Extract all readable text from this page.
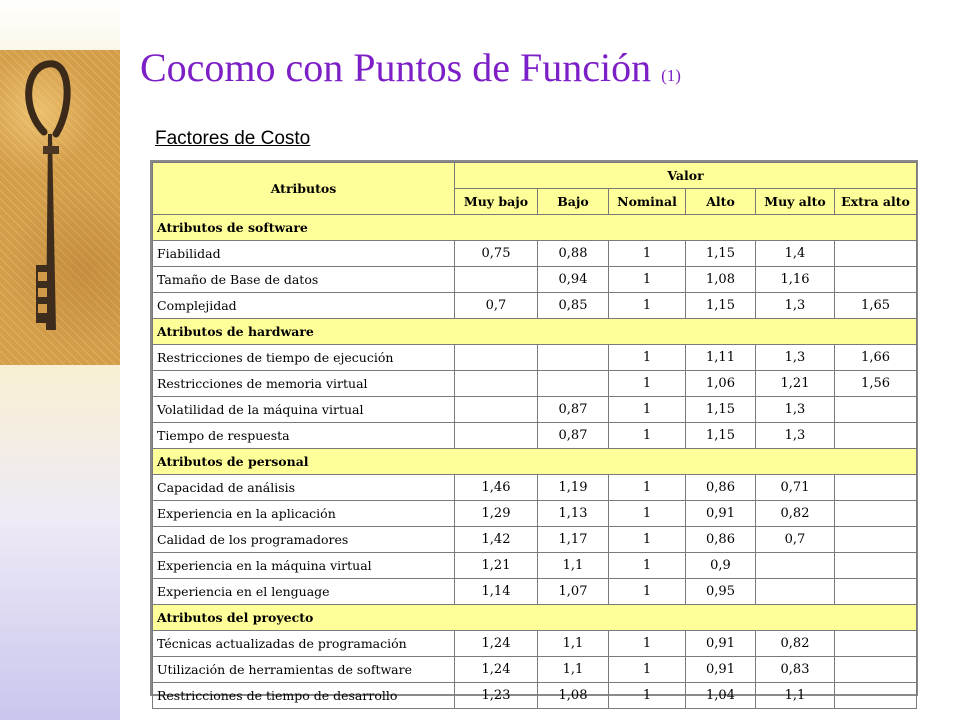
Cocomo con Puntos de Función (1)
Factores de Costo
Atributos	Valor					
	Muy bajo	Bajo	Nominal	Alto	Muy alto	Extra alto
Atributos de software						
Fiabilidad	0,75	0,88	1	1,15	1,4	
Tamaño de Base de datos		0,94	1	1,08	1,16	
Complejidad	0,7	0,85	1	1,15	1,3	1,65
Atributos de hardware						
Restricciones de tiempo de ejecución			1	1,11	1,3	1,66
Restricciones de memoria virtual			1	1,06	1,21	1,56
Volatilidad de la máquina virtual		0,87	1	1,15	1,3	
Tiempo de respuesta		0,87	1	1,15	1,3	
Atributos de personal						
Capacidad de análisis	1,46	1,19	1	0,86	0,71	
Experiencia en la aplicación	1,29	1,13	1	0,91	0,82	
Calidad de los programadores	1,42	1,17	1	0,86	0,7	
Experiencia en la máquina virtual	1,21	1,1	1	0,9		
Experiencia en el lenguage	1,14	1,07	1	0,95		
Atributos del proyecto						
Técnicas actualizadas de programación	1,24	1,1	1	0,91	0,82	
Utilización de herramientas de software	1,24	1,1	1	0,91	0,83	
Restricciones de tiempo de desarrollo	1,23	1,08	1	1,04	1,1	
